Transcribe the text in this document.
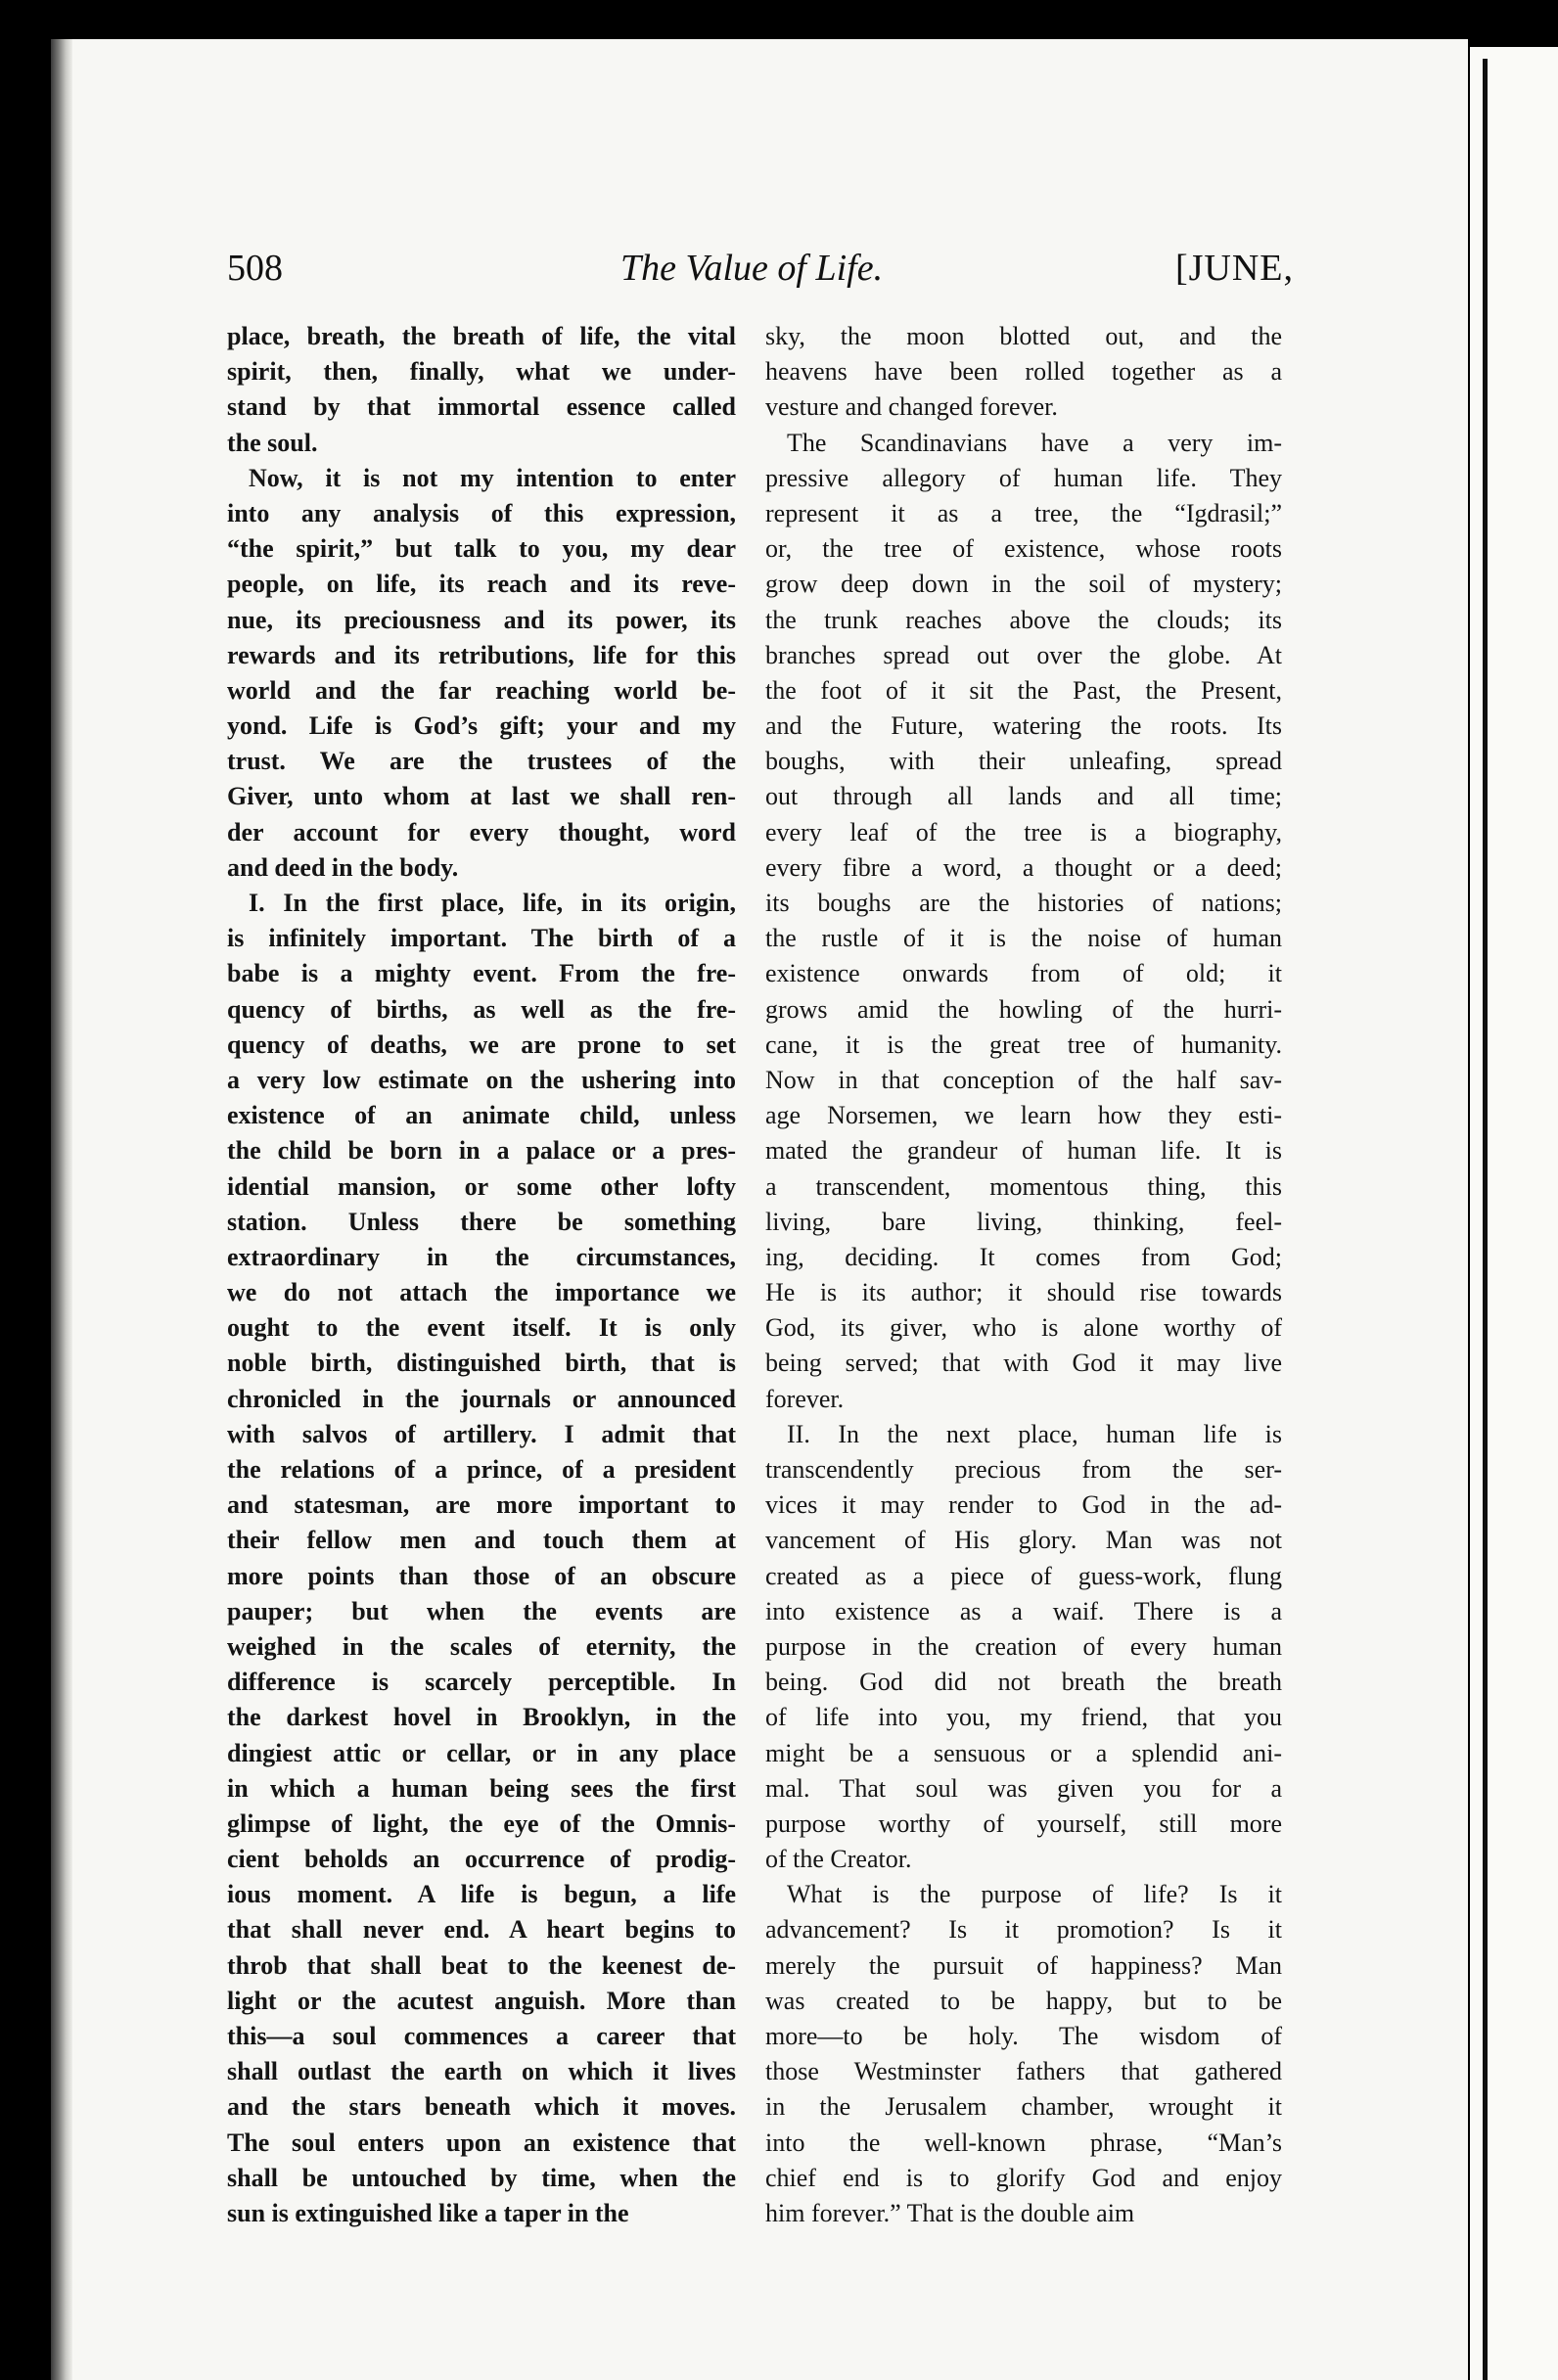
508	The Value of Life.	[JUNE,

place, breath, the breath of life, the vital
spirit, then, finally, what we under-
stand by that immortal essence called
the soul.

Now, it is not my intention to enter
into any analysis of this expression,
“the spirit,” but talk to you, my dear
people, on life, its reach and its reve-
nue, its preciousness and its power, its
rewards and its retributions, life for this
world and the far reaching world be-
yond. Life is God’s gift; your and my
trust. We are the trustees of the
Giver, unto whom at last we shall ren-
der account for every thought, word
and deed in the body.

I. In the first place, life, in its origin,
is infinitely important. The birth of a
babe is a mighty event. From the fre-
quency of births, as well as the fre-
quency of deaths, we are prone to set
a very low estimate on the ushering into
existence of an animate child, unless
the child be born in a palace or a pres-
idential mansion, or some other lofty
station. Unless there be something
extraordinary in the circumstances,
we do not attach the importance we
ought to the event itself. It is only
noble birth, distinguished birth, that is
chronicled in the journals or announced
with salvos of artillery. I admit that
the relations of a prince, of a president
and statesman, are more important to
their fellow men and touch them at
more points than those of an obscure
pauper; but when the events are
weighed in the scales of eternity, the
difference is scarcely perceptible. In
the darkest hovel in Brooklyn, in the
dingiest attic or cellar, or in any place
in which a human being sees the first
glimpse of light, the eye of the Omnis-
cient beholds an occurrence of prodig-
ious moment. A life is begun, a life
that shall never end. A heart begins to
throb that shall beat to the keenest de-
light or the acutest anguish. More than
this—a soul commences a career that
shall outlast the earth on which it lives
and the stars beneath which it moves.
The soul enters upon an existence that
shall be untouched by time, when the
sun is extinguished like a taper in the

sky, the moon blotted out, and the
heavens have been rolled together as a
vesture and changed forever.

The Scandinavians have a very im-
pressive allegory of human life. They
represent it as a tree, the “Igdrasil;”
or, the tree of existence, whose roots
grow deep down in the soil of mystery;
the trunk reaches above the clouds; its
branches spread out over the globe. At
the foot of it sit the Past, the Present,
and the Future, watering the roots. Its
boughs, with their unleafing, spread
out through all lands and all time;
every leaf of the tree is a biography,
every fibre a word, a thought or a deed;
its boughs are the histories of nations;
the rustle of it is the noise of human
existence onwards from of old; it
grows amid the howling of the hurri-
cane, it is the great tree of humanity.
Now in that conception of the half sav-
age Norsemen, we learn how they esti-
mated the grandeur of human life. It is
a transcendent, momentous thing, this
living, bare living, thinking, feel-
ing, deciding. It comes from God;
He is its author; it should rise towards
God, its giver, who is alone worthy of
being served; that with God it may live
forever.

II. In the next place, human life is
transcendently precious from the ser-
vices it may render to God in the ad-
vancement of His glory. Man was not
created as a piece of guess-work, flung
into existence as a waif. There is a
purpose in the creation of every human
being. God did not breath the breath
of life into you, my friend, that you
might be a sensuous or a splendid ani-
mal. That soul was given you for a
purpose worthy of yourself, still more
of the Creator.

What is the purpose of life? Is it
advancement? Is it promotion? Is it
merely the pursuit of happiness? Man
was created to be happy, but to be
more—to be holy. The wisdom of
those Westminster fathers that gathered
in the Jerusalem chamber, wrought it
into the well-known phrase, “Man’s
chief end is to glorify God and enjoy
him forever.” That is the double aim
